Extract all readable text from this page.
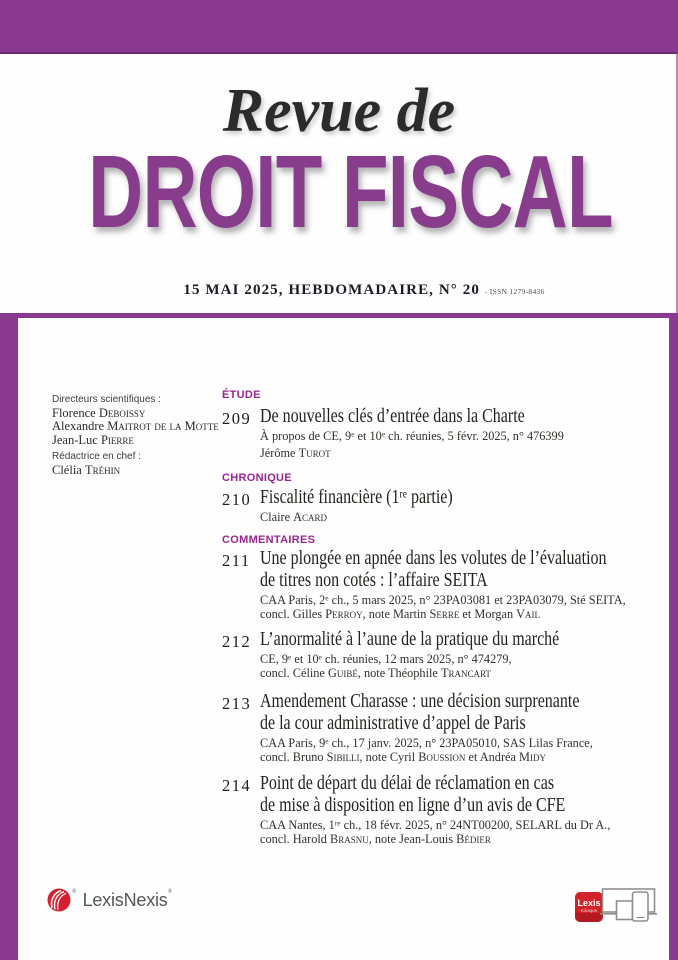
Revue de
DROIT FISCAL
15 MAI 2025, HEBDOMADAIRE, N° 20 - ISSN 1279-8436
Directeurs scientifiques :
Florence Deboissy
Alexandre Maitrot de la Motte
Jean-Luc Pierre
Rédactrice en chef :
Clélia Tréhin
ÉTUDE
209 De nouvelles clés d’entrée dans la Charte
À propos de CE, 9e et 10e ch. réunies, 5 févr. 2025, n° 476399
Jérôme Turot
CHRONIQUE
210 Fiscalité financière (1re partie)
Claire Acard
COMMENTAIRES
211 Une plongée en apnée dans les volutes de l’évaluation
de titres non cotés : l’affaire SEITA
CAA Paris, 2e ch., 5 mars 2025, n° 23PA03081 et 23PA03079, Sté SEITA,
concl. Gilles Perroy, note Martin Serre et Morgan Vail
212 L’anormalité à l’aune de la pratique du marché
CE, 9e et 10e ch. réunies, 12 mars 2025, n° 474279,
concl. Céline Guibé, note Théophile Trancart
213 Amendement Charasse : une décision surprenante
de la cour administrative d’appel de Paris
CAA Paris, 9e ch., 17 janv. 2025, n° 23PA05010, SAS Lilas France,
concl. Bruno Sibilli, note Cyril Boussion et Andréa Midy
214 Point de départ du délai de réclamation en cas
de mise à disposition en ligne d’un avis de CFE
CAA Nantes, 1re ch., 18 févr. 2025, n° 24NT00200, SELARL du Dr A.,
concl. Harold Brasnu, note Jean-Louis Bédier
® LexisNexis ®
Lexis
Kiosque
